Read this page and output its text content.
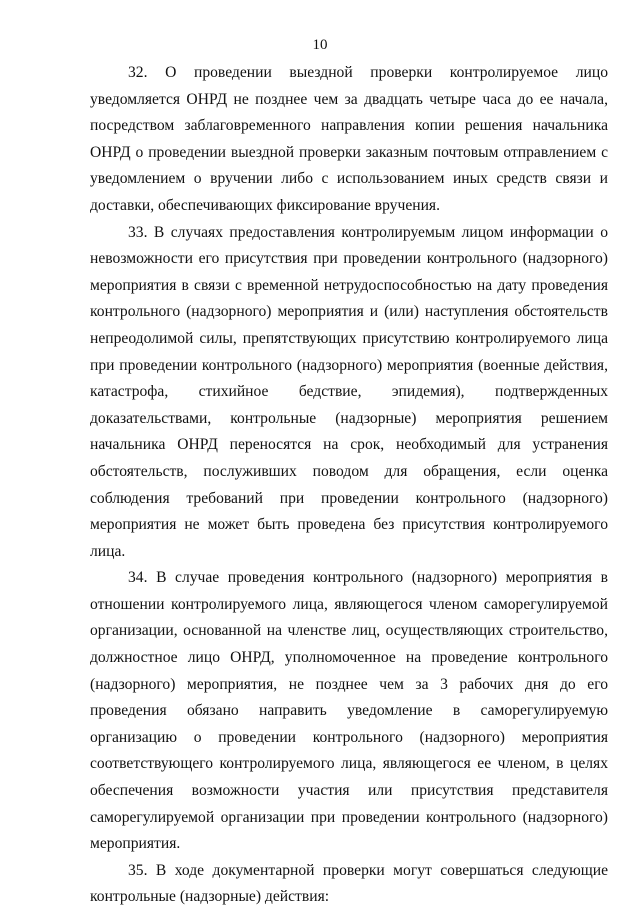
10

32. О проведении выездной проверки контролируемое лицо уведомляется ОНРД не позднее чем за двадцать четыре часа до ее начала, посредством заблаговременного направления копии решения начальника ОНРД о проведении выездной проверки заказным почтовым отправлением с уведомлением о вручении либо с использованием иных средств связи и доставки, обеспечивающих фиксирование вручения.

33. В случаях предоставления контролируемым лицом информации о невозможности его присутствия при проведении контрольного (надзорного) мероприятия в связи с временной нетрудоспособностью на дату проведения контрольного (надзорного) мероприятия и (или) наступления обстоятельств непреодолимой силы, препятствующих присутствию контролируемого лица при проведении контрольного (надзорного) мероприятия (военные действия, катастрофа, стихийное бедствие, эпидемия), подтвержденных доказательствами, контрольные (надзорные) мероприятия решением начальника ОНРД переносятся на срок, необходимый для устранения обстоятельств, послуживших поводом для обращения, если оценка соблюдения требований при проведении контрольного (надзорного) мероприятия не может быть проведена без присутствия контролируемого лица.

34. В случае проведения контрольного (надзорного) мероприятия в отношении контролируемого лица, являющегося членом саморегулируемой организации, основанной на членстве лиц, осуществляющих строительство, должностное лицо ОНРД, уполномоченное на проведение контрольного (надзорного) мероприятия, не позднее чем за 3 рабочих дня до его проведения обязано направить уведомление в саморегулируемую организацию о проведении контрольного (надзорного) мероприятия соответствующего контролируемого лица, являющегося ее членом, в целях обеспечения возможности участия или присутствия представителя саморегулируемой организации при проведении контрольного (надзорного) мероприятия.

35. В ходе документарной проверки могут совершаться следующие контрольные (надзорные) действия:
